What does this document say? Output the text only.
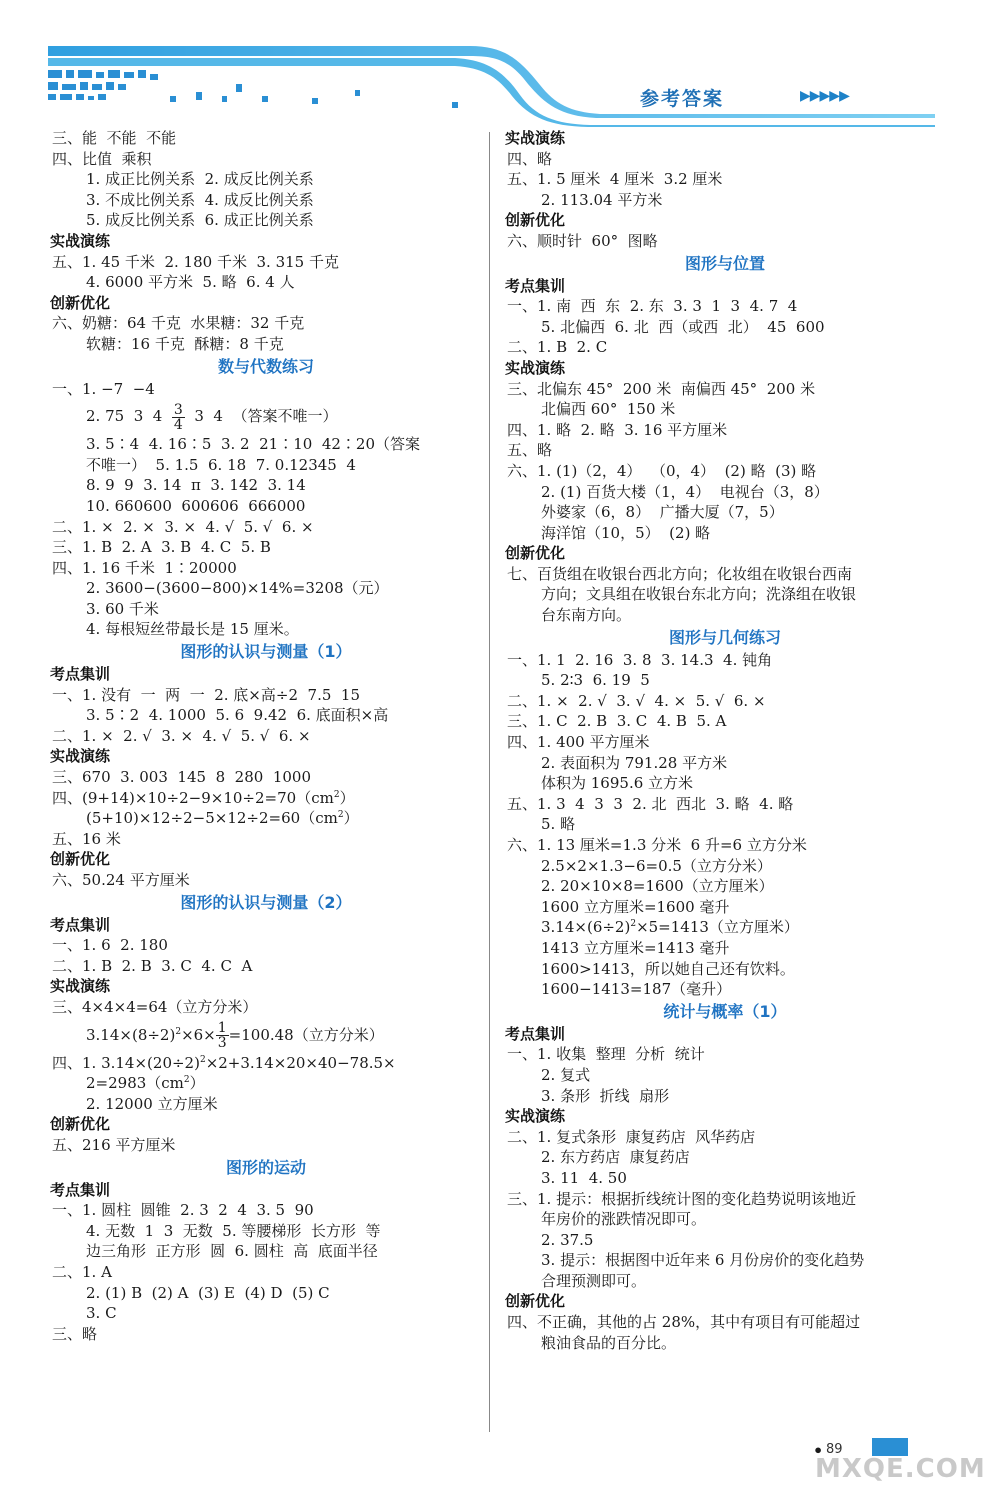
参考答案	▶▶▶▶▶
三、能  不能  不能
四、比值  乘积
1. 成正比例关系  2. 成反比例关系
3. 不成比例关系  4. 成反比例关系
5. 成反比例关系  6. 成正比例关系
实战演练
五、1. 45 千米  2. 180 千米  3. 315 千克
4. 6000 平方米  5. 略  6. 4 人
创新优化
六、奶糖：64 千克  水果糖：32 千克
软糖：16 千克  酥糖：8 千克
数与代数练习
一、1. −7  −4
2. 75  3  $4 \frac{3}{4} 3$  4  （答案不唯一）
3. 5∶4  4. 16∶5  3. 2  21∶10  42∶20（答案
不唯一）  5. 1.5  6. 18  7. 0.12345  4
8. 9  9  3. 14  π  3. 142  3. 14
10. 660600  600606  666000
二、1. ×  2. ×  3. ×  4. √  5. √  6. ×
三、1. B  2. A  3. B  4. C  5. B
四、1. 16 千米  1∶20000
2. 3600−(3600−800)×14%=3208（元）
3. 60 千米
4. 每根短丝带最长是 15 厘米。
图形的认识与测量（1）
考点集训
一、1. 没有  一  两  一  2. 底×高÷2  7.5  15
3. 5∶2  4. 1000  5. 6  9.42  6. 底面积×高
二、1. ×  2. √  3. ×  4. √  5. √  6. ×
实战演练
三、670  3. 003  145  8  280  1000
四、$(9+14)\times 10\div 2-9\times 10\div 2=70(cm^2)$
$(5+10)\times 12\div 2-5\times 12\div 2=60(cm^2)$
五、16 米
创新优化
六、50.24 平方厘米
图形的认识与测量（2）
考点集训
一、1. 6  2. 180
二、1. B  2. B  3. C  4. C  A
实战演练
三、4×4×4=64（立方分米）
$3.14\times(8\div 2)^2\times 6\times \frac{1}{3} =100.48$（立方分米）
四、1. $3.14\times(20\div 2)^2\times 2+3.14\times 20\times 40-78.5\times$
$2=2983(cm^2)$
2. 12000 立方厘米
创新优化
五、216 平方厘米
图形的运动
考点集训
一、1. 圆柱  圆锥  2. 3  2  4  3. 5  90
4. 无数  1  3  无数  5. 等腰梯形  长方形  等
边三角形  正方形  圆  6. 圆柱  高  底面半径
二、1. A
2. (1) B  (2) A  (3) E  (4) D  (5) C
3. C
三、略
实战演练
四、略
五、1. 5 厘米  4 厘米  3.2 厘米
2. 113.04 平方米
创新优化
六、顺时针  60°  图略
图形与位置
考点集训
一、1. 南  西  东  2. 东  3. 3  1  3  4. 7  4
5. 北偏西  6. 北  西（或西  北）  45  600
二、1. B  2. C
实战演练
三、北偏东 45°  200 米  南偏西 45°  200 米
北偏西 60°  150 米
四、1. 略  2. 略  3. 16 平方厘米
五、略
六、1. (1)（2，4）  （0，4）  (2) 略  (3) 略
2. (1) 百货大楼（1，4）  电视台（3，8）
外婆家（6，8）  广播大厦（7，5）
海洋馆（10，5）  (2) 略
创新优化
七、百货组在收银台西北方向；化妆组在收银台西南
方向；文具组在收银台东北方向；洗涤组在收银
台东南方向。
图形与几何练习
一、1. 1  2. 16  3. 8  3. 14.3  4. 钝角
5. 2∶3  6. 19  5
二、1. ×  2. √  3. √  4. ×  5. √  6. ×
三、1. C  2. B  3. C  4. B  5. A
四、1. 400 平方厘米
2. 表面积为 791.28 平方米
体积为 1695.6 立方米
五、1. 3  4  3  3  2. 北  西北  3. 略  4. 略
5. 略
六、1. 13 厘米=1.3 分米  6 升=6 立方分米
2.5×2×1.3−6=0.5（立方分米）
2. 20×10×8=1600（立方厘米）
1600 立方厘米=1600 毫升
$3.14\times(6\div 2)^2\times 5=1413$（立方厘米）
1413 立方厘米=1413 毫升
1600>1413，所以她自己还有饮料。
1600−1413=187（毫升）
统计与概率（1）
考点集训
一、1. 收集  整理  分析  统计
2. 复式
3. 条形  折线  扇形
实战演练
二、1. 复式条形  康复药店  风华药店
2. 东方药店  康复药店
3. 11  4. 50
三、1. 提示：根据折线统计图的变化趋势说明该地近
年房价的涨跌情况即可。
2. 37.5
3. 提示：根据图中近年来 6 月份房价的变化趋势
合理预测即可。
创新优化
四、不正确，其他的占 28%，其中有项目有可能超过
粮油食品的百分比。
• 89
MXQE.COM
